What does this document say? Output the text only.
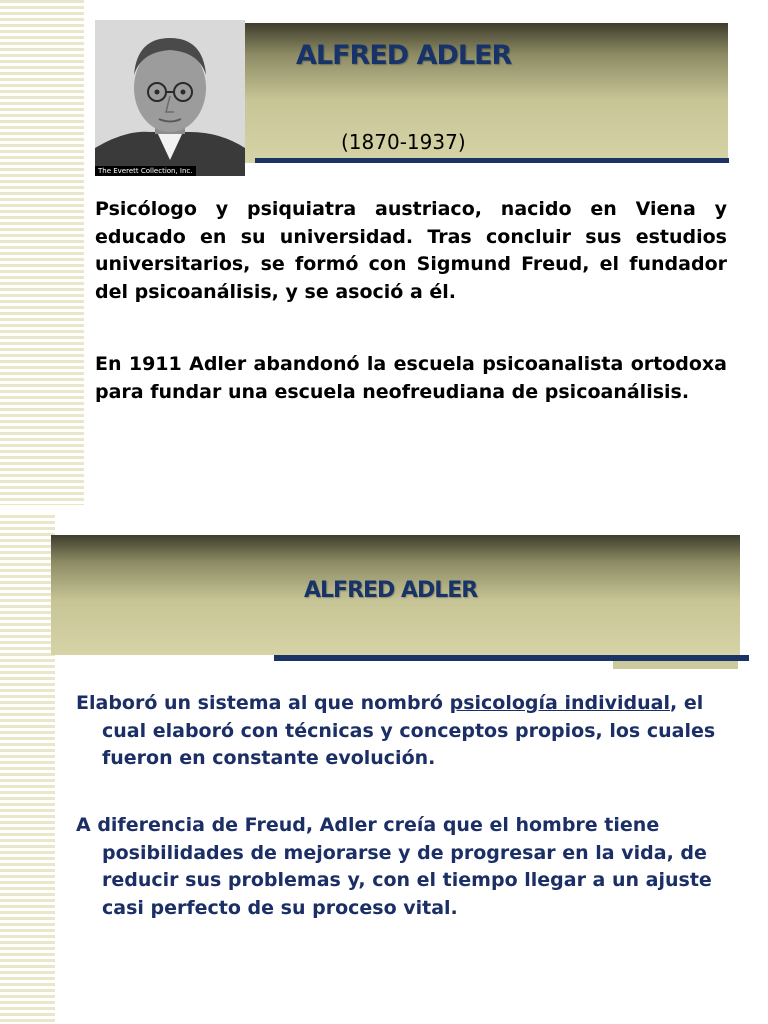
ALFRED ADLER
(1870-1937)
The Everett Collection, Inc.

Psicólogo y psiquiatra austriaco, nacido en Viena y educado en su universidad. Tras concluir sus estudios universitarios, se formó con Sigmund Freud, el fundador del psicoanálisis, y se asoció a él.

En 1911 Adler abandonó la escuela psicoanalista ortodoxa para fundar una escuela neofreudiana de psicoanálisis.

ALFRED ADLER

Elaboró un sistema al que nombró psicología individual, el cual elaboró con técnicas y conceptos propios, los cuales fueron en constante evolución.

A diferencia de Freud, Adler creía que el hombre tiene posibilidades de mejorarse y de progresar en la vida, de reducir sus problemas y, con el tiempo llegar a un ajuste casi perfecto de su proceso vital.
